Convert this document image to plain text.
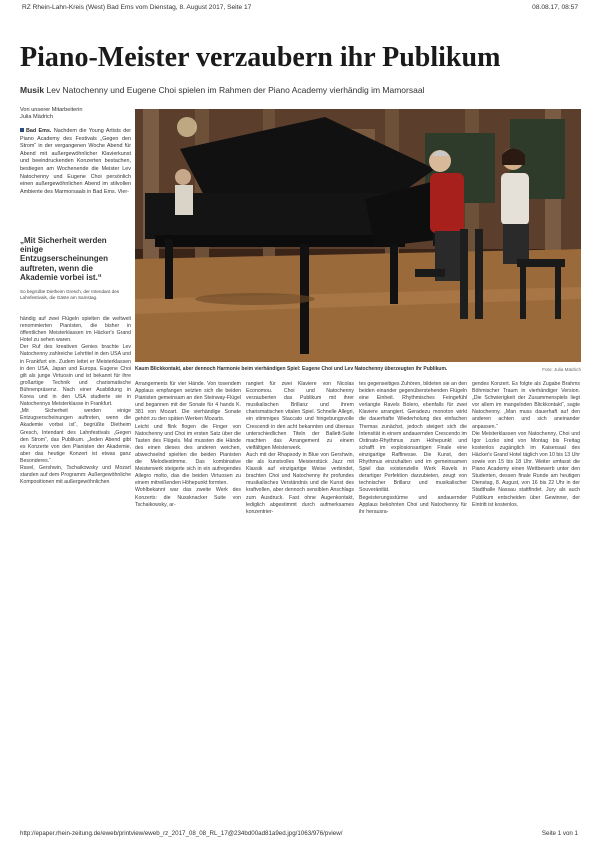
RZ Rhein-Lahn-Kreis (West) Bad Ems vom Dienstag, 8. August 2017, Seite 17	08.08.17, 08:57
Piano-Meister verzaubern ihr Publikum
Musik Lev Natochenny und Eugene Choi spielen im Rahmen der Piano Academy vierhändig im Mamorsaal
Von unserer Mitarbeiterin
Julia Mädrich

Bad Ems. Nachdem die Young Artists der Piano Academy des Festivals „Gegen den Strom“ in der vergangenen Woche Abend für Abend mit außergewöhnlicher Klavierkunst und beeindruckenden Konzerten bestachen, bestiegen am Wochenende die Meister Lev Natochenny und Eugene Choi persönlich einen außergewöhnlichen Abend im stilvollen Ambiente des Marmorsaals in Bad Ems. Vier-

„Mit Sicherheit werden einige Entzugserscheinungen auftreten, wenn die Akademie vorbei ist.“

So begrüßte Dietheim Gresch, der Intendant des Lahnfestivals, die Gäste am Samstag.

Kaum Blickkontakt, aber dennoch Harmonie beim vierhändigen Spiel: Eugene Choi und Lev Natochenny überzeugten ihr Publikum.	Foto: Julia Mädrich

händig auf zwei Flügeln spielten die weltweit renommierten Pianisten, die bisher in öffentlichen Meisterklassen im Häcker's Grand Hotel zu sehen waren.
Der Ruf des kreativen Genies brachte Lev Natochenny zahlreiche Lehrtitel in den USA und in Frankfurt ein. Zudem leitet er Meisterklassen in den USA, Japan und Europa. Eugene Choi gilt als junge Virtuosin und ist bekannt für ihre großartige Technik und charismatische Bühnenpräsenz. Nach einer Ausbildung in Korea und in den USA studierte sie in Natochennys Meisterklasse in Frankfurt.
„Mit Sicherheit werden einige Entzugserscheinungen auftreten, wenn die Akademie vorbei ist“, begrüßte Dietheim Gresch, Intendant des Lahnfestivals „Gegen den Strom“, das Publikum. „Jeden Abend gibt es Konzerte von den Pianisten der Akademie, aber das heutige Konzert ist etwas ganz Besonderes.“
Ravel, Gershwin, Tschaikowsky und Mozart standen auf dem Programm: Außergewöhnliche Kompositionen mit außergewöhnlichen

Arrangements für vier Hände. Von tosendem Applaus empfangen setzten sich die beiden Pianisten gemeinsam an den Steinway-Flügel und begannen mit der Sonate für 4 hands K. 381 von Mozart. Die vierhändige Sonate gehört zu den späten Werken Mozarts.
Leicht und flink flogen die Finger von Natochenny und Choi im ersten Satz über die Tasten des Flügels. Mal mussten die Hände des einen dieses des anderen weichen, abwechselnd spielten die beiden Pianisten die Melodiestimme. Das kombinative Meisterwerk steigerte sich in ein aufregendes Allegro molto, das die beiden Virtuosen zu einem mitreißenden Höhepunkt formten.
Wohlbekannt war das zweite Werk des Konzerts: die Nussknacker Suite von Tschaikowsky, ar-

rangiert für zwei Klaviere von Nicolas Economou. Choi und Natochenny verzauberten das Publikum mit ihrer musikalischen Brillanz und ihrem charismatischen vitalen Spiel. Schnelle Allegri, ein stimmiges Staccato und hingebungsvolle Crescendi in den acht bekannten und überaus unterschiedlichen Titeln der Ballett-Suite machten das Arrangement zu einem vielfältigen Meisterwerk.
Auch mit der Rhapsody in Blue von Gershwin, die als kunstvolles Meisterstück Jazz mit Klassik auf einzigartige Weise verbindet, brachten Choi und Natochenny ihr profundes musikalisches Verständnis und die Kunst des kraftvollen, aber dennoch sensiblen Anschlags zum Ausdruck. Fast ohne Augenkontakt, lediglich abgestimmt durch aufmerksames konzentrier-

tes gegenseitiges Zuhören, bildeten sie an den beiden einander gegenüberstehenden Flügeln eine Einheit. Rhythmisches Feingefühl verlangte Ravels Bolero, ebenfalls für zwei Klaviere arrangiert. Geradezu monoton wirkt die dauerhafte Wiederholung des einfachen Themas zunächst, jedoch steigert sich die Intensität in einem andauernden Crescendo im Ostinato-Rhythmus zum Höhepunkt und schafft im explosionsartigen Finale eine einzigartige Raffinesse. Die Kunst, den Rhythmus einzuhalten und im gemeinsamen Spiel das existenzielle Werk Ravels in derartiger Perfektion darzubieten, zeugt von technischer Brillanz und musikalischer Souveränität.
Begeisterungsstürme und andauernder Applaus bekohnten Choi und Natochenny für ihr herausra-

gendes Konzert. Es folgte als Zugabe Brahms Böhmischer Traum in vierhändiger Version. „Die Schwierigkeit der Zusammenspiels liegt vor allem im mangelnden Blickkontakt“, sagte Natochenny. „Man muss dauerhaft auf den anderen achten und sich aneinander anpassen.“
Die Meisterklassen von Natochenny, Choi und Igor Lozko sind von Montag bis Freitag kostenlos zugänglich im Kaisersaal des Häcker's Grand Hotel täglich von 10 bis 13 Uhr sowie von 15 bis 18 Uhr. Weiter umfasst die Piano Academy einen Wettbewerb unter den Studenten, dessen finale Runde am heutigen Dienstag, 8. August, von 16 bis 22 Uhr in der Stadthalle Nassau stattfindet. Jury als auch Publikum entscheiden über Gewinner, der Eintritt ist kostenlos.

http://epaper.rhein-zeitung.de/eweb/printview/eweb_rz_2017_08_08_RL_17@234bd00ad81a9ed.jpg/1063/976/pview/	Seite 1 von 1
